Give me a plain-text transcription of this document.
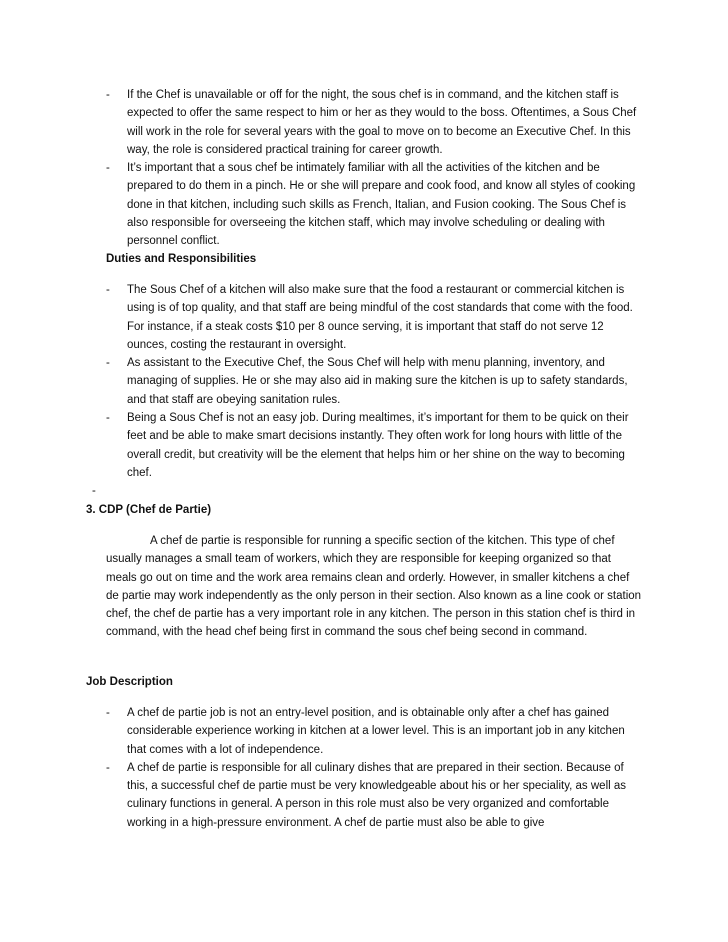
- If the Chef is unavailable or off for the night, the sous chef is in command, and the kitchen staff is expected to offer the same respect to him or her as they would to the boss. Oftentimes, a Sous Chef will work in the role for several years with the goal to move on to become an Executive Chef. In this way, the role is considered practical training for career growth.
- It’s important that a sous chef be intimately familiar with all the activities of the kitchen and be prepared to do them in a pinch. He or she will prepare and cook food, and know all styles of cooking done in that kitchen, including such skills as French, Italian, and Fusion cooking. The Sous Chef is also responsible for overseeing the kitchen staff, which may involve scheduling or dealing with personnel conflict.
Duties and Responsibilities
- The Sous Chef of a kitchen will also make sure that the food a restaurant or commercial kitchen is using is of top quality, and that staff are being mindful of the cost standards that come with the food. For instance, if a steak costs $10 per 8 ounce serving, it is important that staff do not serve 12 ounces, costing the restaurant in oversight.
- As assistant to the Executive Chef, the Sous Chef will help with menu planning, inventory, and managing of supplies. He or she may also aid in making sure the kitchen is up to safety standards, and that staff are obeying sanitation rules.
- Being a Sous Chef is not an easy job. During mealtimes, it’s important for them to be quick on their feet and be able to make smart decisions instantly. They often work for long hours with little of the overall credit, but creativity will be the element that helps him or her shine on the way to becoming chef.
-

3. CDP (Chef de Partie)
A chef de partie is responsible for running a specific section of the kitchen. This type of chef usually manages a small team of workers, which they are responsible for keeping organized so that meals go out on time and the work area remains clean and orderly. However, in smaller kitchens a chef de partie may work independently as the only person in their section. Also known as a line cook or station chef, the chef de partie has a very important role in any kitchen. The person in this station chef is third in command, with the head chef being first in command the sous chef being second in command.
Job Description
- A chef de partie job is not an entry-level position, and is obtainable only after a chef has gained considerable experience working in kitchen at a lower level. This is an important job in any kitchen that comes with a lot of independence.
- A chef de partie is responsible for all culinary dishes that are prepared in their section. Because of this, a successful chef de partie must be very knowledgeable about his or her speciality, as well as culinary functions in general. A person in this role must also be very organized and comfortable working in a high-pressure environment. A chef de partie must also be able to give
